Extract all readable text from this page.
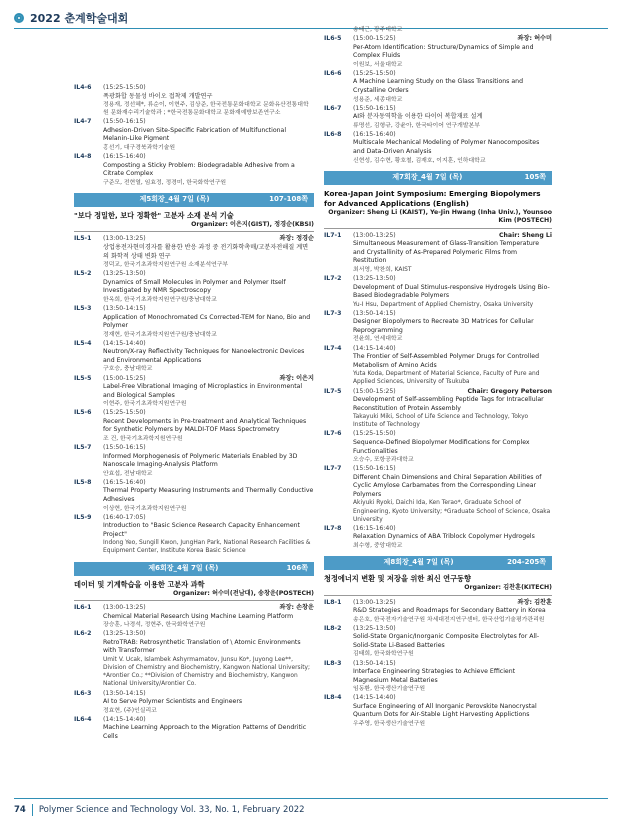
2022 춘계학술대회
IL4-6	(15:25-15:50)
폭광화합 동물성 바이오 접착제 개발연구
정용재, 정선혜*, 류순이, 이현주, 김상준, 한국전통문화대학교 문화유산전통대학원 문화재수리기술학과 ; *한국전통문화대학교 문화재예방보존연구소
IL4-7	(15:50-16:15)
Adhesion-Driven Site-Specific Fabrication of Multifunctional Melanin-Like Pigment
홍선기, 대구경북과학기술원
IL4-8	(16:15-16:40)
Composting a Sticky Problem: Biodegradable Adhesive from a Citrate Complex
구준모, 전현열, 임효정, 정경미, 한국화학연구원
제5회장_4월 7일 (목)	107-108쪽
"보다 정밀한, 보다 정확한" 고분자 소재 분석 기술
Organizer: 이은지(GIST), 정경순(KBSI)
IL5-1	(13:00-13:25)	좌장: 정경순
상업용전자현미경자를 활용한 반응 과정 중 전기화학촉매/고분자전해질 계면의 화학적 상태 변화 연구
정덕교, 한국기초과학지원연구원 소재분석연구부
IL5-2	(13:25-13:50)
Dynamics of Small Molecules in Polymer and Polymer Itself Investigated by NMR Spectroscopy
한옥희, 한국기초과학지원연구원/충남대학교
IL5-3	(13:50-14:15)
Application of Monochromated Cs Corrected-TEM for Nano, Bio and Polymer
정재현, 한국기초과학지원연구원/충남대학교
IL5-4	(14:15-14:40)
Neutron/X-ray Reflectivity Techniques for Nanoelectronic Devices and Environmental Applications
구호승, 충남대학교
IL5-5	(15:00-15:25)	좌장: 이은지
Label-Free Vibrational Imaging of Microplastics in Environmental and Biological Samples
이현주, 한국기초과학지원연구원
IL5-6	(15:25-15:50)
Recent Developments in Pre-treatment and Analytical Techniques for Synthetic Polymers by MALDI-TOF Mass Spectrometry
조 건, 한국기초과학지원연구원
IL5-7	(15:50-16:15)
Informed Morphogenesis of Polymeric Materials Enabled by 3D Nanoscale Imaging-Analysis Platform
안효섭, 전남대학교
IL5-8	(16:15-16:40)
Thermal Property Measuring Instruments and Thermally Conductive Adhesives
이상현, 한국기초과학지원연구원
IL5-9	(16:40-17:05)
Introduction to "Basic Science Research Capacity Enhancement Project"
Indong Yeo, Sungill Kwon, JungHan Park, National Research Facilities & Equipment Center, Institute Korea Basic Science
제6회장_4월 7일 (목)	106쪽
데이터 및 기계학습을 이용한 고분자 과학
Organizer: 허수미(전남대), 송창운(POSTECH)
IL6-1	(13:00-13:25)	좌장: 손창운
Chemical Material Research Using Machine Learning Platform
장승훈, 나경석, 정현주, 한국화학연구원
IL6-2	(13:25-13:50)
RetroTRAB: Retrosynthetic Translation of \ Atomic Environments with Transformer
Umit V. Ucak, Islambek Ashyrmamatov, Junsu Ko*, Juyong Lee**, Division of Chemistry and Biochemistry, Kangwon National University; *Arontier Co.; **Division of Chemistry and Biochemistry, Kangwon National University/Arontier Co.
IL6-3	(13:50-14:15)
AI to Serve Polymer Scientists and Engineers
정효현, (주)인실리코
IL6-4	(14:15-14:40)
Machine Learning Approach to the Migration Patterns of Dendritic Cells
송태근, 광주대학교
IL6-5	(15:00-15:25)	좌장: 허수미
Per-Atom Identification: Structure/Dynamics of Simple and Complex Fluids
이원보, 서울대학교
IL6-6	(15:25-15:50)
A Machine Learning Study on the Glass Transitions and Crystalline Orders
성용준, 세종대학교
IL6-7	(15:50-16:15)
AI와 분자동역학을 이용한 타이어 복합재료 설계
류명선, 김형규, 강윤아, 한국타이어 연구개발본부
IL6-8	(16:15-16:40)
Multiscale Mechanical Modeling of Polymer Nanocomposites and Data-Driven Analysis
신현성, 김수현, 황호철, 김재호, 이지훈, 인하대학교
제7회장_4월 7일 (목)	105쪽
Korea-Japan Joint Symposium: Emerging Biopolymers for Advanced Applications (English)
Organizer: Sheng Li (KAIST), Ye-Jin Hwang (Inha Univ.), Younsoo Kim (POSTECH)
IL7-1	(13:00-13:25)	Chair: Sheng Li
Simultaneous Measurement of Glass-Transition Temperature and Crystallinity of As-Prepared Polymeric Films from Restitution
최서영, 박찬희, KAIST
IL7-2	(13:25-13:50)
Development of Dual Stimulus-responsive Hydrogels Using Bio-Based Biodegradable Polymers
Yu-I Hsu, Department of Applied Chemistry, Osaka University
IL7-3	(13:50-14:15)
Designer Biopolymers to Recreate 3D Matrices for Cellular Reprogramming
전윤희, 연세대학교
IL7-4	(14:15-14:40)
The Frontier of Self-Assembled Polymer Drugs for Controlled Metabolism of Amino Acids
Yuta Koda, Department of Material Science, Faculty of Pure and Applied Sciences, University of Tsukuba
IL7-5	(15:00-15:25)	Chair: Gregory Peterson
Development of Self-assembling Peptide Tags for Intracellular Reconstitution of Protein Assembly
Takayuki Miki, School of Life Science and Technology, Tokyo Institute of Technology
IL7-6	(15:25-15:50)
Sequence-Defined Biopolymer Modifications for Complex Functionalities
오승수, 포항공과대학교
IL7-7	(15:50-16:15)
Different Chain Dimensions and Chiral Separation Abilities of Cyclic Amylose Carbamates from the Corresponding Linear Polymers
Akiyuki Ryoki, Daichi Ida, Ken Terao*, Graduate School of Engineering, Kyoto University; *Graduate School of Science, Osaka University
IL7-8	(16:15-16:40)
Relaxation Dynamics of ABA Triblock Copolymer Hydrogels
최수형, 중앙대학교
제8회장_4월 7일 (목)	204-205쪽
청정에너지 변환 및 저장을 위한 최신 연구동향
Organizer: 김찬훈(KITECH)
IL8-1	(13:00-13:25)	좌장: 김찬훈
R&D Strategies and Roadmaps for Secondary Battery in Korea
송은호, 한국전자기술연구원 차세대전지연구센터, 한국산업기술평가관리원
IL8-2	(13:25-13:50)
Solid-State Organic/Inorganic Composite Electrolytes for All-Solid-State Li-Based Batteries
김태희, 한국화학연구원
IL8-3	(13:50-14:15)
Interface Engineering Strategies to Achieve Efficient Magnesium Metal Batteries
임동환, 한국생산기술연구원
IL8-4	(14:15-14:40)
Surface Engineering of All Inorganic Perovskite Nanocrystal Quantum Dots for Air-Stable Light Harvesting Applictions
우주영, 한국생산기술연구원
74 Polymer Science and Technology Vol. 33, No. 1, February 2022
